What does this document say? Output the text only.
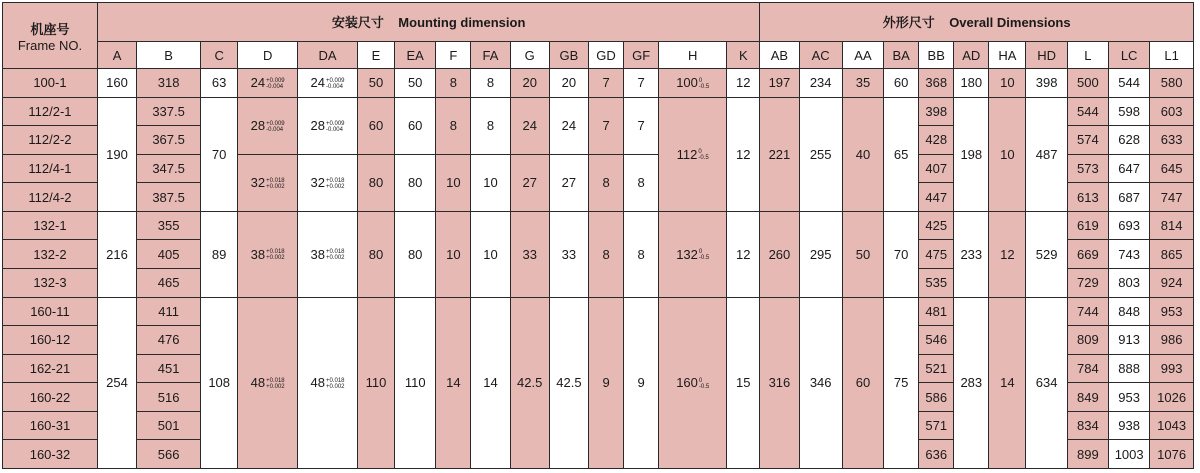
机座号
Frame NO.	安装尺寸 Mounting dimension															外形尺寸 Overall Dimensions										
	A	B	C	D	DA	E	EA	F	FA	G	GB	GD	GF	H	K	AB	AC	AA	BA	BB	AD	HA	HD	L	LC	L1
100-1	160	318	63	24 +0.009
-0.004	24 +0.009
-0.004	50	50	8	8	20	20	7	7	100 0
-0.5	12	197	234	35	60	368	180	10	398	500	544	580
112/2-1	190	337.5	70	28 +0.009
-0.004	28 +0.009
-0.004	60	60	8	8	24	24	7	7	112 0
-0.5	12	221	255	40	65	398	198	10	487	544	598	603
112/2-2		367.5																		428				574	628	633
112/4-1		347.5		32 +0.018
+0.002	32 +0.018
+0.002	80	80	10	10	27	27	8	8							407				573	647	645
112/4-2		387.5																		447				613	687	747
132-1	216	355	89	38 +0.018
+0.002	38 +0.018
+0.002	80	80	10	10	33	33	8	8	132 0
-0.5	12	260	295	50	70	425	233	12	529	619	693	814
132-2		405																		475				669	743	865
132-3		465																		535				729	803	924
160-11	254	411	108	48 +0.018
+0.002	48 +0.018
+0.002	110	110	14	14	42.5	42.5	9	9	160 0
-0.5	15	316	346	60	75	481	283	14	634	744	848	953
160-12		476																		546				809	913	986
162-21		451																		521				784	888	993
160-22		516																		586				849	953	1026
160-31		501																		571				834	938	1043
160-32		566																		636				899	1003	1076
